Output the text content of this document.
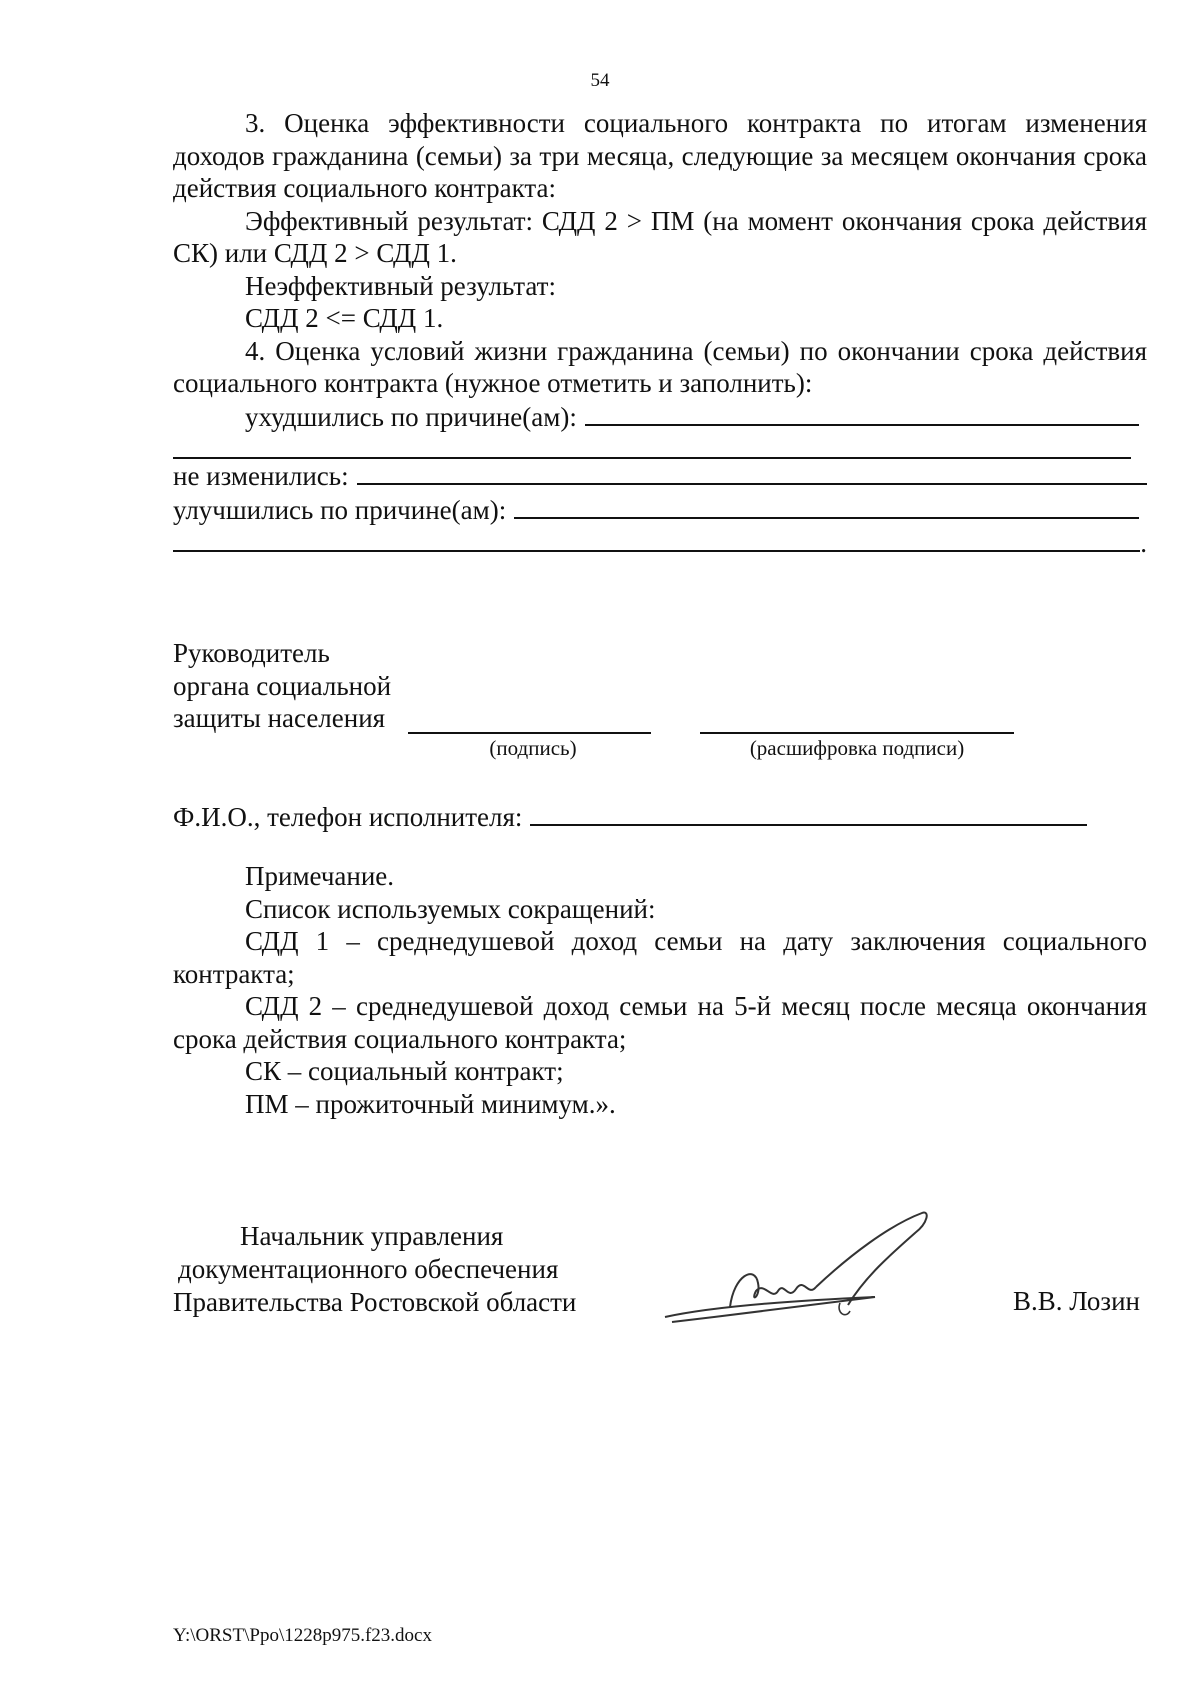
54

3. Оценка эффективности социального контракта по итогам изменения доходов гражданина (семьи) за три месяца, следующие за месяцем окончания срока действия социального контракта:

Эффективный результат: СДД 2 > ПМ (на момент окончания срока действия СК) или СДД 2 > СДД 1.

Неэффективный результат:

СДД 2 <= СДД 1.

4. Оценка условий жизни гражданина (семьи) по окончании срока действия социального контракта (нужное отметить и заполнить):

ухудшились по причине(ам):
не изменились:
улучшились по причине(ам):
.
Руководитель
органа социальной
защиты населения
(подпись)	(расшифровка подписи)
Ф.И.О., телефон исполнителя:

Примечание.

Список используемых сокращений:

СДД 1 – среднедушевой доход семьи на дату заключения социального контракта;

СДД 2 – среднедушевой доход семьи на 5-й месяц после месяца окончания срока действия социального контракта;

СК – социальный контракт;

ПМ – прожиточный минимум.».

Начальник управления
документационного обеспечения
Правительства Ростовской области	В.В. Лозин
Y:\ORST\Ppo\1228p975.f23.docx
